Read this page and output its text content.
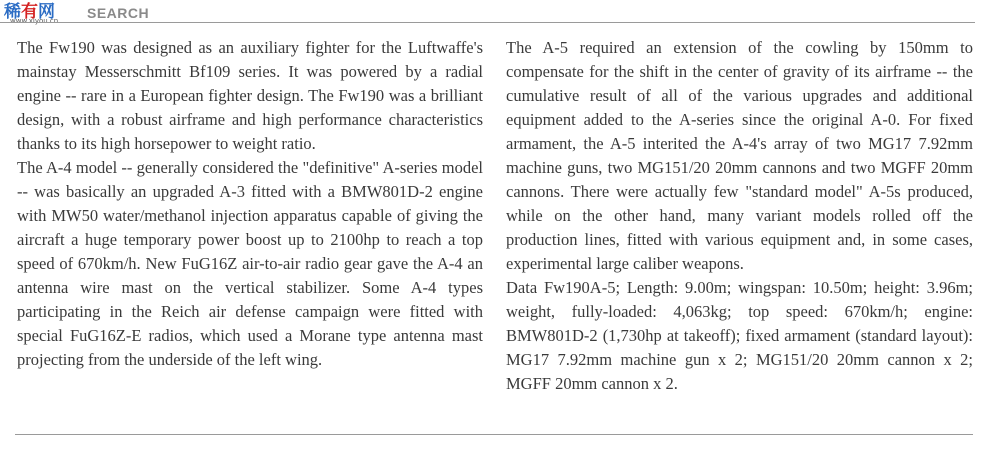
稀有网
www.xiyou.cn SEARCH

The Fw190 was designed as an auxiliary fighter for the Luftwaffe's mainstay Messerschmitt Bf109 series. It was powered by a radial engine -- rare in a European fighter design. The Fw190 was a brilliant design, with a robust airframe and high performance characteristics thanks to its high horsepower to weight ratio.

The A-4 model -- generally considered the "definitive" A-series model -- was basically an upgraded A-3 fitted with a BMW801D-2 engine with MW50 water/methanol injection apparatus capable of giving the aircraft a huge temporary power boost up to 2100hp to reach a top speed of 670km/h. New FuG16Z air-to-air radio gear gave the A-4 an antenna wire mast on the vertical stabilizer. Some A-4 types participating in the Reich air defense campaign were fitted with special FuG16Z-E radios, which used a Morane type antenna mast projecting from the underside of the left wing.

The A-5 required an extension of the cowling by 150mm to compensate for the shift in the center of gravity of its airframe -- the cumulative result of all of the various upgrades and additional equipment added to the A-series since the original A-0. For fixed armament, the A-5 interited the A-4's array of two MG17 7.92mm machine guns, two MG151/20 20mm cannons and two MGFF 20mm cannons. There were actually few "standard model" A-5s produced, while on the other hand, many variant models rolled off the production lines, fitted with various equipment and, in some cases, experimental large caliber weapons.

Data Fw190A-5; Length: 9.00m; wingspan: 10.50m; height: 3.96m; weight, fully-loaded: 4,063kg; top speed: 670km/h; engine: BMW801D-2 (1,730hp at takeoff); fixed armament (standard layout): MG17 7.92mm machine gun x 2; MG151/20 20mm cannon x 2; MGFF 20mm cannon x 2.
